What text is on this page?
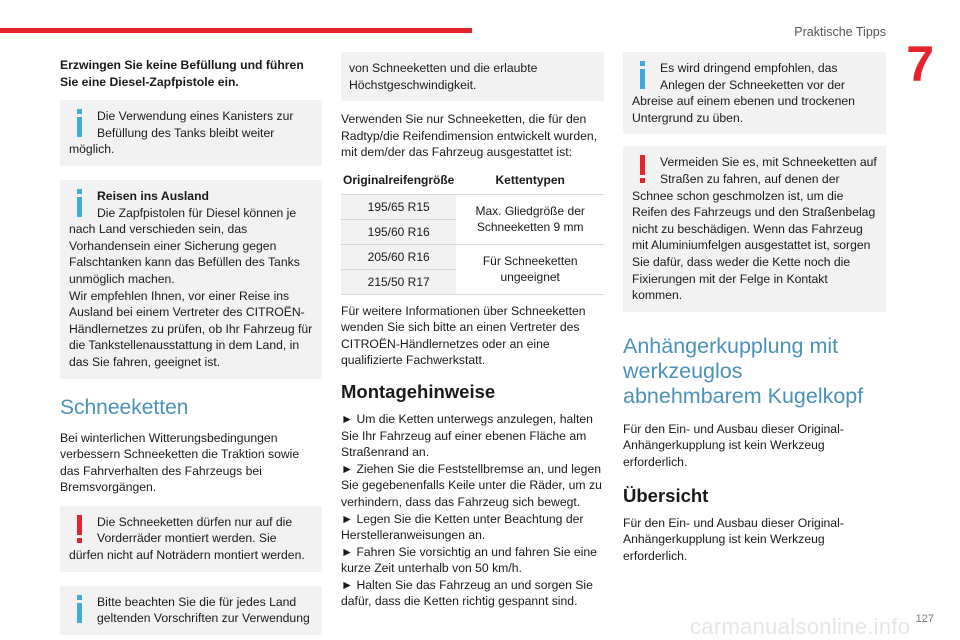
Praktische Tipps
7

Erzwingen Sie keine Befüllung und führen Sie eine Diesel-Zapfpistole ein.

Die Verwendung eines Kanisters zur Befüllung des Tanks bleibt weiter möglich.

Reisen ins Ausland

Die Zapfpistolen für Diesel können je nach Land verschieden sein, das Vorhandensein einer Sicherung gegen Falschtanken kann das Befüllen des Tanks unmöglich machen.

Wir empfehlen Ihnen, vor einer Reise ins Ausland bei einem Vertreter des CITROËN-Händlernetzes zu prüfen, ob Ihr Fahrzeug für die Tankstellenausstattung in dem Land, in das Sie fahren, geeignet ist.

Schneeketten

Bei winterlichen Witterungsbedingungen verbessern Schneeketten die Traktion sowie das Fahrverhalten des Fahrzeugs bei Bremsvorgängen.

Die Schneeketten dürfen nur auf die Vorderräder montiert werden. Sie dürfen nicht auf Noträdern montiert werden.

Bitte beachten Sie die für jedes Land geltenden Vorschriften zur Verwendung

von Schneeketten und die erlaubte Höchstgeschwindigkeit.

Verwenden Sie nur Schneeketten, die für den Radtyp/die Reifendimension entwickelt wurden, mit dem/der das Fahrzeug ausgestattet ist:

Originalreifengröße	Kettentypen
195/65 R15	Max. Gliedgröße der Schneeketten 9 mm
195/60 R16	
205/60 R16	Für Schneeketten ungeeignet
215/50 R17	

Für weitere Informationen über Schneeketten wenden Sie sich bitte an einen Vertreter des CITROËN-Händlernetzes oder an eine qualifizierte Fachwerkstatt.

Montagehinweise

► Um die Ketten unterwegs anzulegen, halten Sie Ihr Fahrzeug auf einer ebenen Fläche am Straßenrand an.

► Ziehen Sie die Feststellbremse an, und legen Sie gegebenenfalls Keile unter die Räder, um zu verhindern, dass das Fahrzeug sich bewegt.

► Legen Sie die Ketten unter Beachtung der Herstelleranweisungen an.

► Fahren Sie vorsichtig an und fahren Sie eine kurze Zeit unterhalb von 50 km/h.

► Halten Sie das Fahrzeug an und sorgen Sie dafür, dass die Ketten richtig gespannt sind.

Es wird dringend empfohlen, das Anlegen der Schneeketten vor der Abreise auf einem ebenen und trockenen Untergrund zu üben.

Vermeiden Sie es, mit Schneeketten auf Straßen zu fahren, auf denen der Schnee schon geschmolzen ist, um die Reifen des Fahrzeugs und den Straßenbelag nicht zu beschädigen. Wenn das Fahrzeug mit Aluminiumfelgen ausgestattet ist, sorgen Sie dafür, dass weder die Kette noch die Fixierungen mit der Felge in Kontakt kommen.

Anhängerkupplung mit werkzeuglos abnehmbarem Kugelkopf

Für den Ein- und Ausbau dieser Original-Anhängerkupplung ist kein Werkzeug erforderlich.

Übersicht

Für den Ein- und Ausbau dieser Original-Anhängerkupplung ist kein Werkzeug erforderlich.

127
carmanualsonline.info
